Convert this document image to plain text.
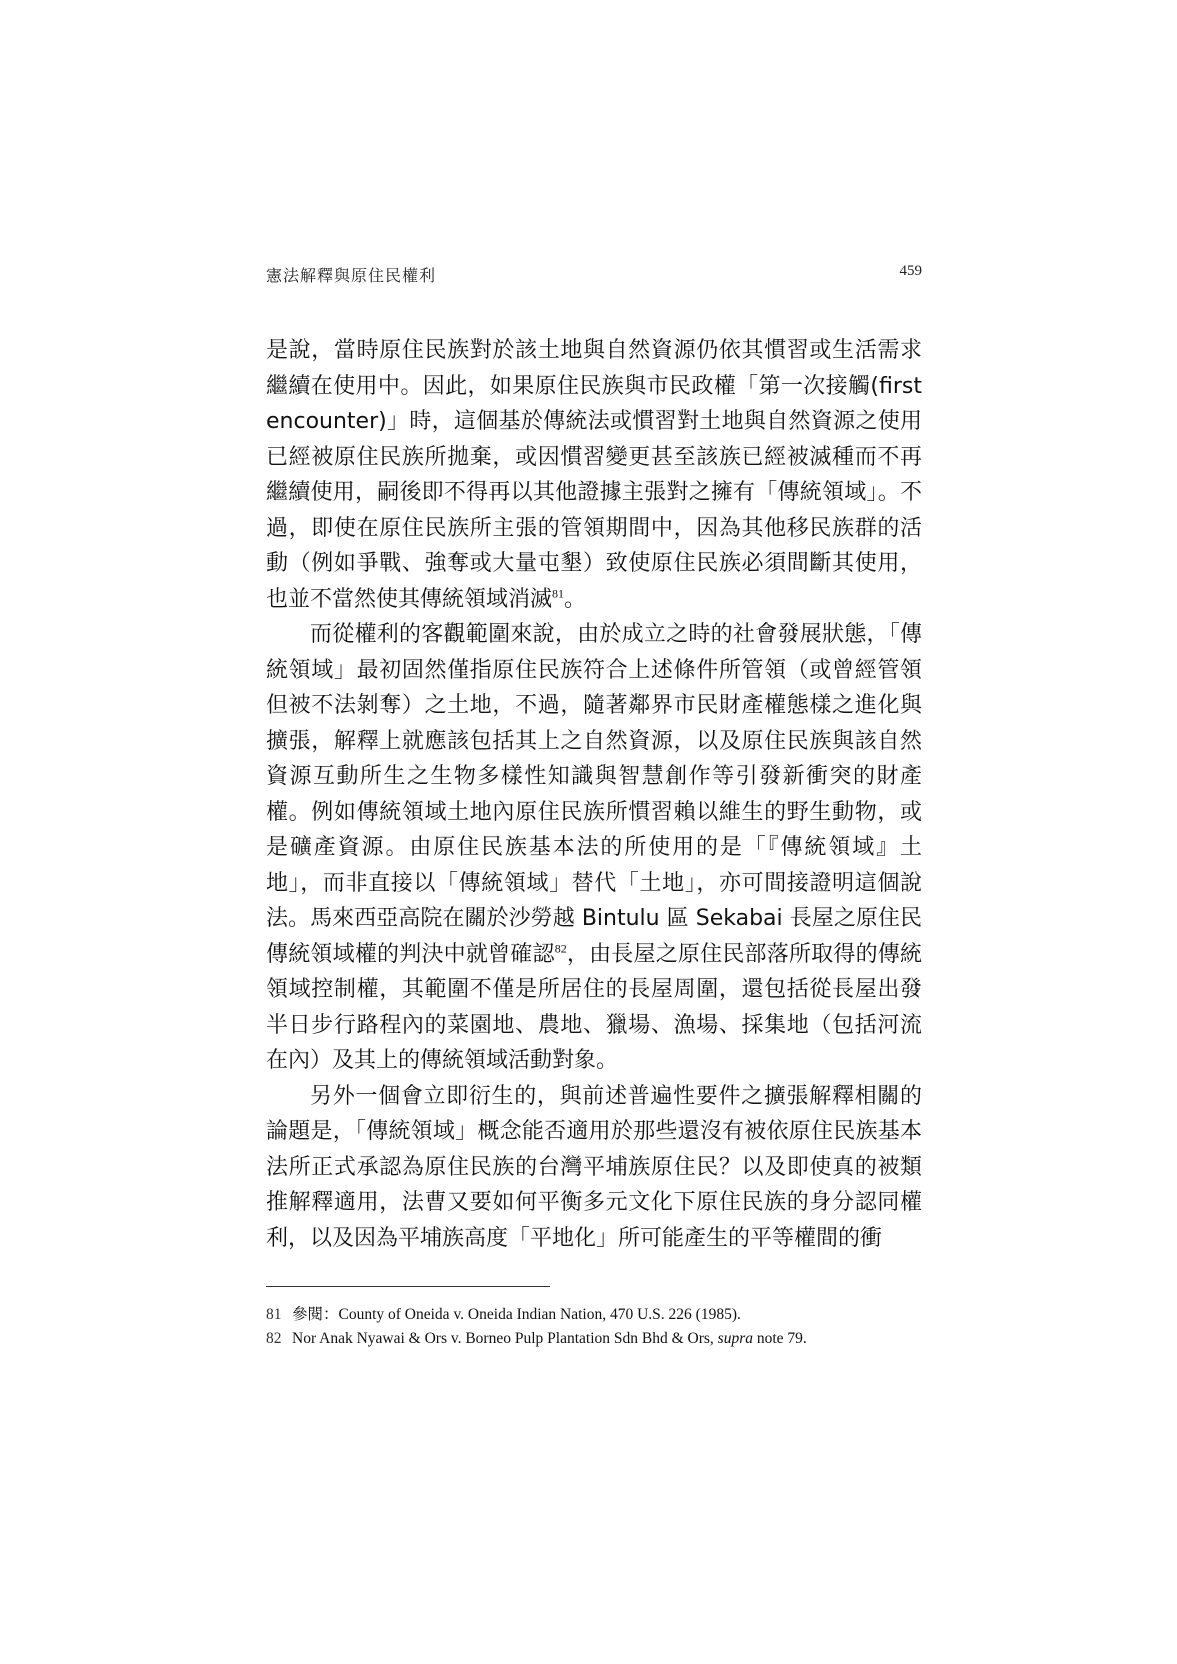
憲法解釋與原住民權利	459

是說，當時原住民族對於該土地與自然資源仍依其慣習或生活需求繼續在使用中。因此，如果原住民族與市民政權「第一次接觸(first encounter)」時，這個基於傳統法或慣習對土地與自然資源之使用已經被原住民族所拋棄，或因慣習變更甚至該族已經被滅種而不再繼續使用，嗣後即不得再以其他證據主張對之擁有「傳統領域」。不過，即使在原住民族所主張的管領期間中，因為其他移民族群的活動（例如爭戰、強奪或大量屯墾）致使原住民族必須間斷其使用，也並不當然使其傳統領域消滅$^{81}$。

而從權利的客觀範圍來說，由於成立之時的社會發展狀態，「傳統領域」最初固然僅指原住民族符合上述條件所管領（或曾經管領但被不法剝奪）之土地，不過，隨著鄰界市民財產權態樣之進化與擴張，解釋上就應該包括其上之自然資源，以及原住民族與該自然資源互動所生之生物多樣性知識與智慧創作等引發新衝突的財產權。例如傳統領域土地內原住民族所慣習賴以維生的野生動物，或是礦產資源。由原住民族基本法的所使用的是「『傳統領域』土地」，而非直接以「傳統領域」替代「土地」，亦可間接證明這個說法。馬來西亞高院在關於沙勞越 Bintulu 區 Sekabai 長屋之原住民傳統領域權的判決中就曾確認$^{82}$，由長屋之原住民部落所取得的傳統領域控制權，其範圍不僅是所居住的長屋周圍，還包括從長屋出發半日步行路程內的菜園地、農地、獵場、漁場、採集地（包括河流在內）及其上的傳統領域活動對象。

另外一個會立即衍生的，與前述普遍性要件之擴張解釋相關的論題是，「傳統領域」概念能否適用於那些還沒有被依原住民族基本法所正式承認為原住民族的台灣平埔族原住民？以及即使真的被類推解釋適用，法曹又要如何平衡多元文化下原住民族的身分認同權利，以及因為平埔族高度「平地化」所可能產生的平等權間的衝

81 參閱：County of Oneida v. Oneida Indian Nation, 470 U.S. 226 (1985).
82 Nor Anak Nyawai & Ors v. Borneo Pulp Plantation Sdn Bhd & Ors, supra note 79.
